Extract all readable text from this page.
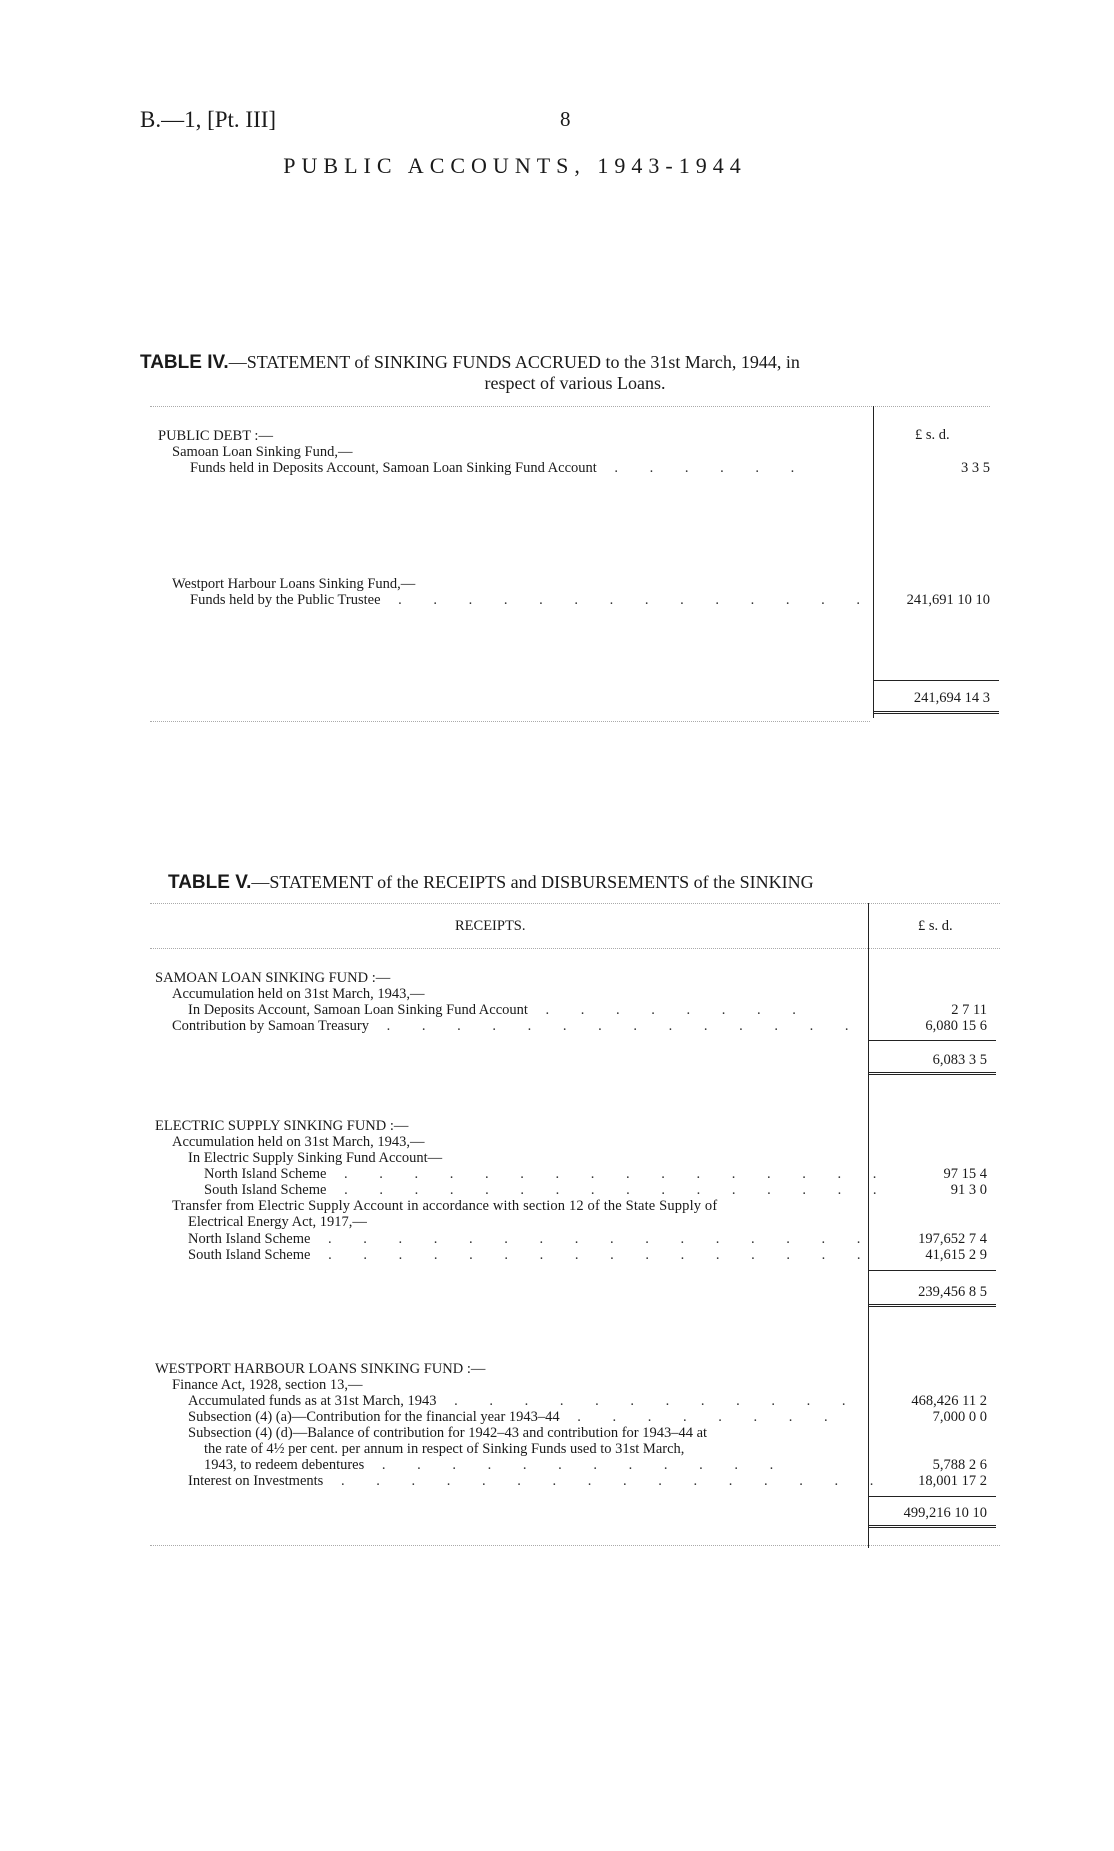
B.—1, [Pt. III]	8
PUBLIC ACCOUNTS, 1943-1944
TABLE IV.—STATEMENT of SINKING FUNDS ACCRUED to the 31st March, 1944, in
respect of various Loans.
£ s. d.
PUBLIC DEBT :—
Samoan Loan Sinking Fund,—
Funds held in Deposits Account, Samoan Loan Sinking Fund Account . . . . . .	3 3 5
Westport Harbour Loans Sinking Fund,—
Funds held by the Public Trustee . . . . . . . . . . . . . . 241,691 10 10
241,694 14 3
TABLE V.—STATEMENT of the RECEIPTS and DISBURSEMENTS of the SINKING
RECEIPTS.	£ s. d.
SAMOAN LOAN SINKING FUND :—
Accumulation held on 31st March, 1943,—
In Deposits Account, Samoan Loan Sinking Fund Account . . . . . . . .	2 7 11
Contribution by Samoan Treasury . . . . . . . . . . . . . .	6,080 15 6
6,083 3 5
ELECTRIC SUPPLY SINKING FUND :—
Accumulation held on 31st March, 1943,—
In Electric Supply Sinking Fund Account—
North Island Scheme . . . . . . . . . . . . . . . .	97 15 4
South Island Scheme . . . . . . . . . . . . . . . .	91 3 0
Transfer from Electric Supply Account in accordance with section 12 of the State Supply of
Electrical Energy Act, 1917,—
North Island Scheme . . . . . . . . . . . . . . . .	197,652 7 4
South Island Scheme . . . . . . . . . . . . . . . .	41,615 2 9
239,456 8 5
WESTPORT HARBOUR LOANS SINKING FUND :—
Finance Act, 1928, section 13,—
Accumulated funds as at 31st March, 1943 . . . . . . . . . . . .	468,426 11 2
Subsection (4) (a)—Contribution for the financial year 1943–44 . . . . . . . .	7,000 0 0
Subsection (4) (d)—Balance of contribution for 1942–43 and contribution for 1943–44 at
the rate of 4½ per cent. per annum in respect of Sinking Funds used to 31st March,
1943, to redeem debentures . . . . . . . . . . . .	5,788 2 6
Interest on Investments . . . . . . . . . . . . . . . . 18,001 17 2
499,216 10 10
